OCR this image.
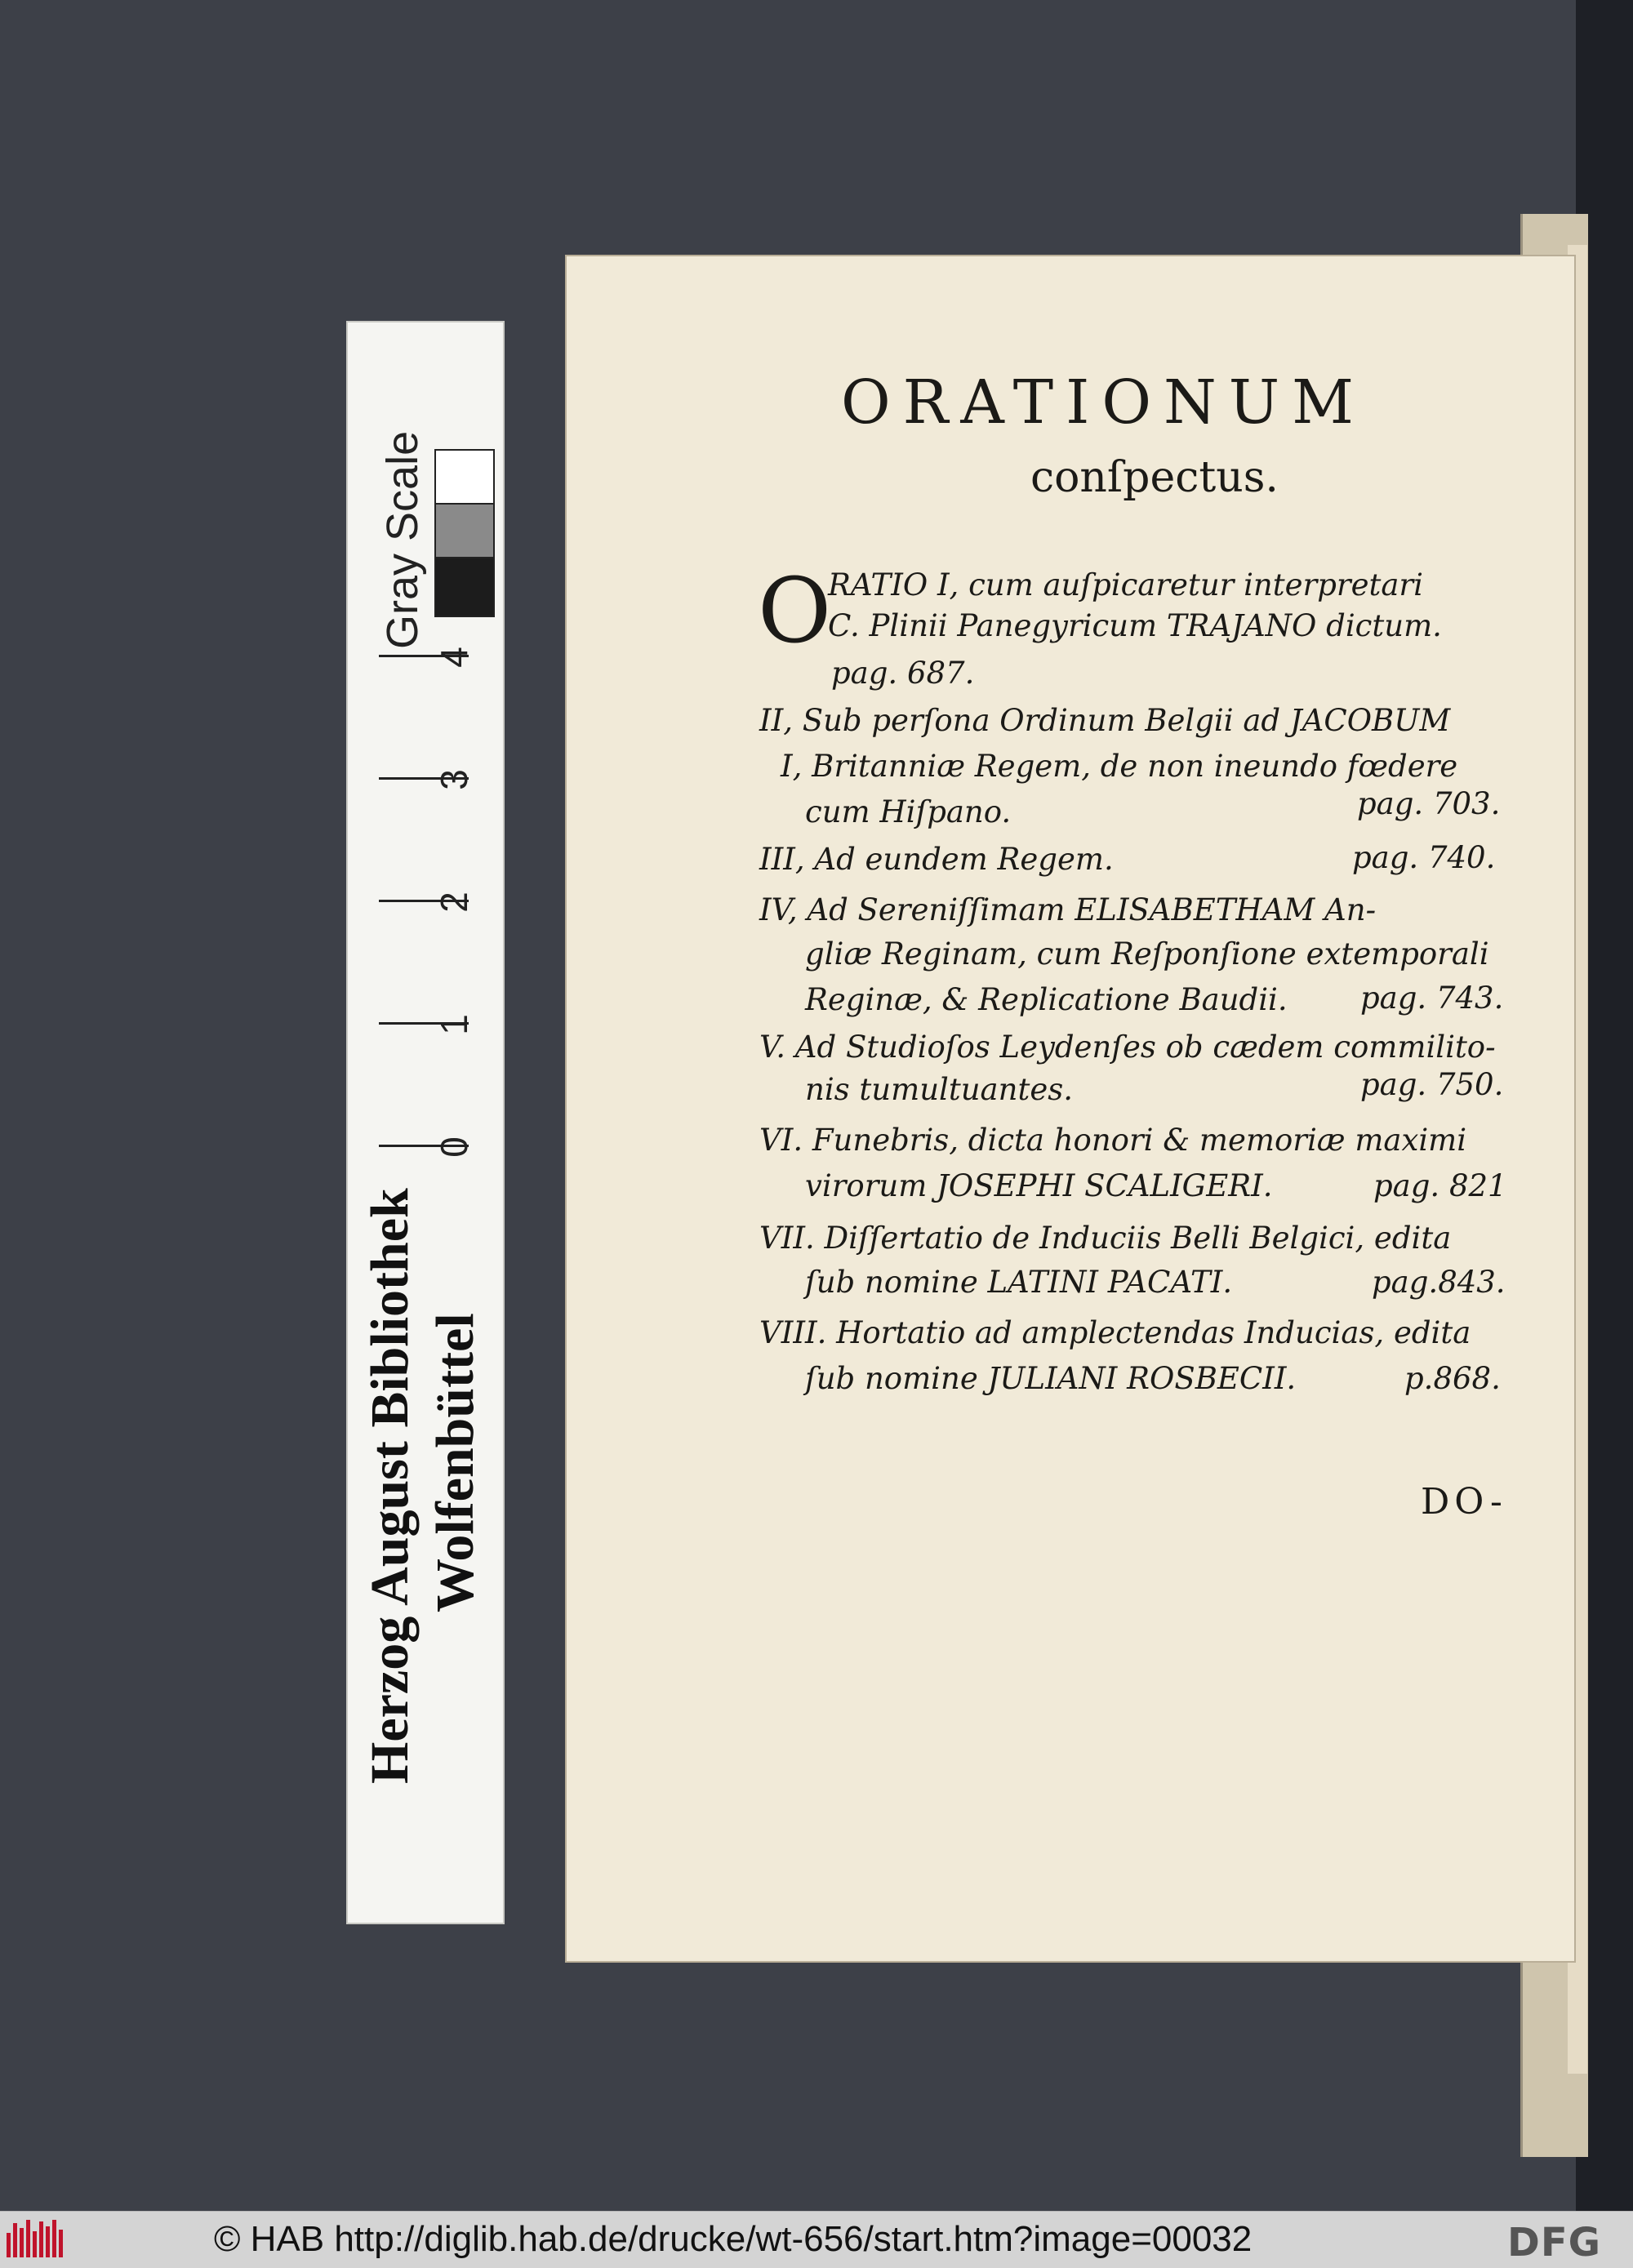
ORATIONUM
conſpectus.
O
RATIO I, cum auſpicaretur interpretari
C. Plinii Panegyricum TRAJANO dictum.
pag. 687.
II, Sub perſona Ordinum Belgii ad JACOBUM
I, Britanniæ Regem, de non ineundo fœdere
cum Hiſpano.	pag. 703.
III, Ad eundem Regem.	pag. 740.
IV, Ad Sereniſſimam ELISABETHAM An-
gliæ Reginam, cum Reſponſione extemporali
Reginæ, & Replicatione Baudii. pag. 743.
V. Ad Studioſos Leydenſes ob cædem commilito-
nis tumultuantes.	pag. 750.
VI. Funebris, dicta honori & memoriæ maximi
virorum JOSEPHI SCALIGERI.	pag. 821
VII. Diſſertatio de Induciis Belli Belgici, edita
ſub nomine LATINI PACATI.	pag.843.
VIII. Hortatio ad amplectendas Inducias, edita
ſub nomine JULIANI ROSBECII.	p.868.
DO-
Gray Scale
4
3
2
1
0
Herzog August Bibliothek Wolfenbüttel
© HAB http://diglib.hab.de/drucke/wt-656/start.htm?image=00032	DFG
